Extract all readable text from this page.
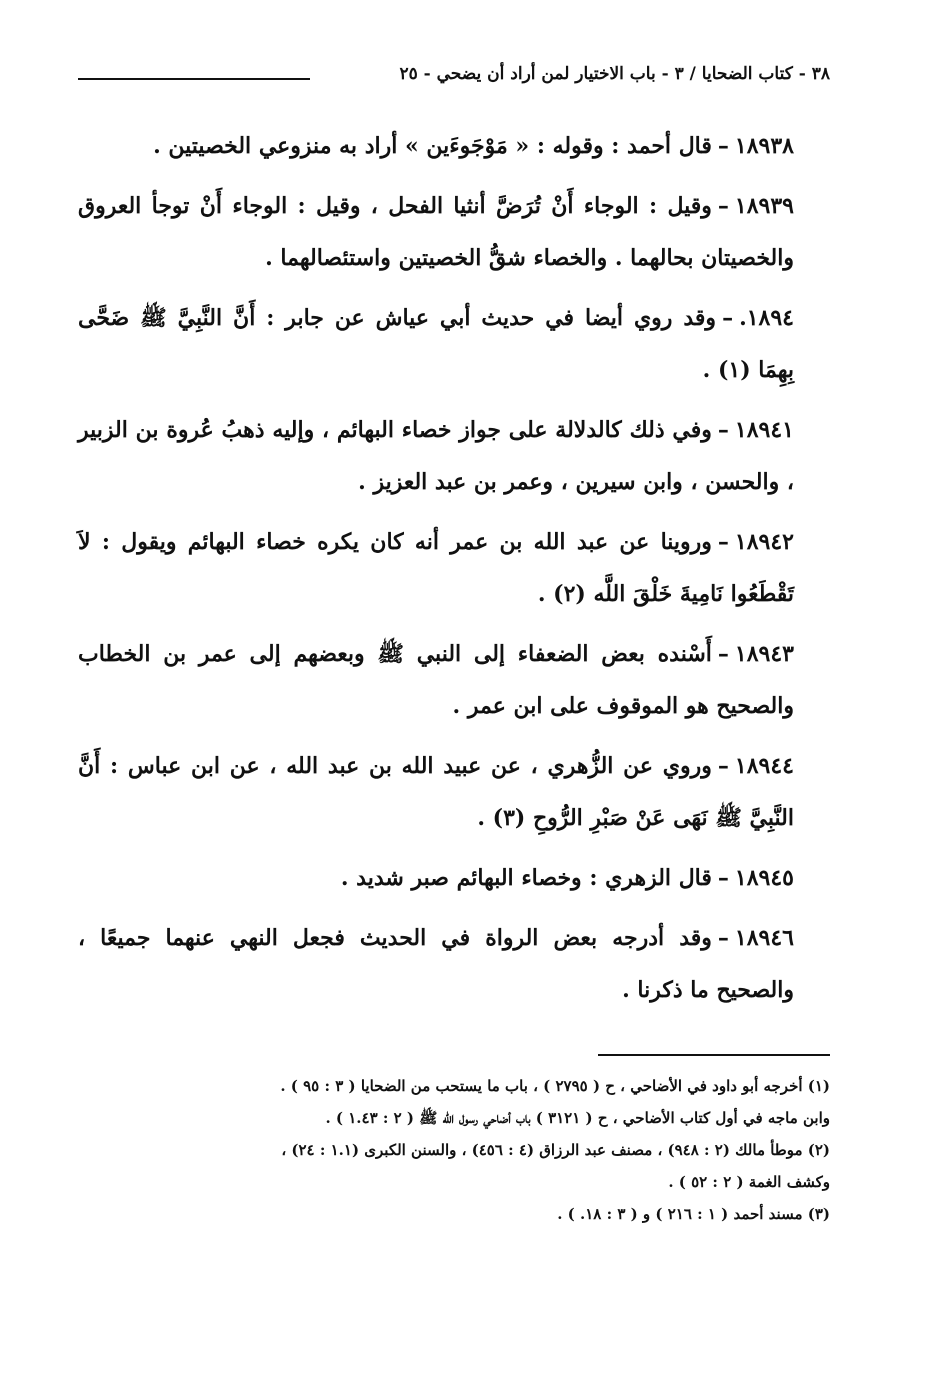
٣٨ - كتاب الضحايا / ٣ - باب الاختيار لمن أراد أن يضحي - ٢٥

١٨٩٣٨–قال أحمد : وقوله : « مَوْجَوءَين » أراد به منزوعي الخصيتين .

١٨٩٣٩–وقيل : الوجاء أَنْ تُرَضَّ أنثيا الفحل ، وقيل : الوجاء أَنْ توجأ العروق والخصيتان بحالهما . والخصاء شقُّ الخصيتين واستئصالهما .

١٨٩٤.–وقد روي أيضا في حديث أبي عياش عن جابر : أَنَّ النَّبِيَّ ﷺ ضَحَّى بِهِمَا (١) .

١٨٩٤١–وفي ذلك كالدلالة على جواز خصاء البهائم ، وإليه ذهبُ عُروة بن الزبير ، والحسن ، وابن سيرين ، وعمر بن عبد العزيز .

١٨٩٤٢–وروينا عن عبد الله بن عمر أنه كان يكره خصاء البهائم ويقول : لاَ تَقْطَعُوا نَامِيةَ خَلْقَ اللَّه (٢) .

١٨٩٤٣–أَسْنده بعض الضعفاء إلى النبي ﷺ وبعضهم إلى عمر بن الخطاب والصحيح هو الموقوف على ابن عمر .

١٨٩٤٤–وروي عن الزُّهري ، عن عبيد الله بن عبد الله ، عن ابن عباس : أَنَّ النَّبِيَّ ﷺ نَهَى عَنْ صَبْرِ الرُّوحِ (٣) .

١٨٩٤٥–قال الزهري : وخصاء البهائم صبر شديد .

١٨٩٤٦–وقد أدرجه بعض الرواة في الحديث فجعل النهي عنهما جميعًا ، والصحيح ما ذكرنا .

(١) أخرجه أبو داود في الأضاحي ، ح ( ٢٧٩٥ ) ، باب ما يستحب من الضحايا ( ٣ : ٩٥ ) .

وابن ماجه في أول كتاب الأضاحي ، ح ( ٣١٢١ ) باب أضاحي رسول الله ﷺ ( ٢ : ١.٤٣ ) .

(٢) موطأ مالك (٢ : ٩٤٨) ، مصنف عبد الرزاق (٤ : ٤٥٦) ، والسنن الكبرى (١.١ : ٢٤) ،

وكشف الغمة ( ٢ : ٥٢ ) .

(٣) مسند أحمد ( ١ : ٢١٦ ) و ( ٣ : ١٨. ) .
